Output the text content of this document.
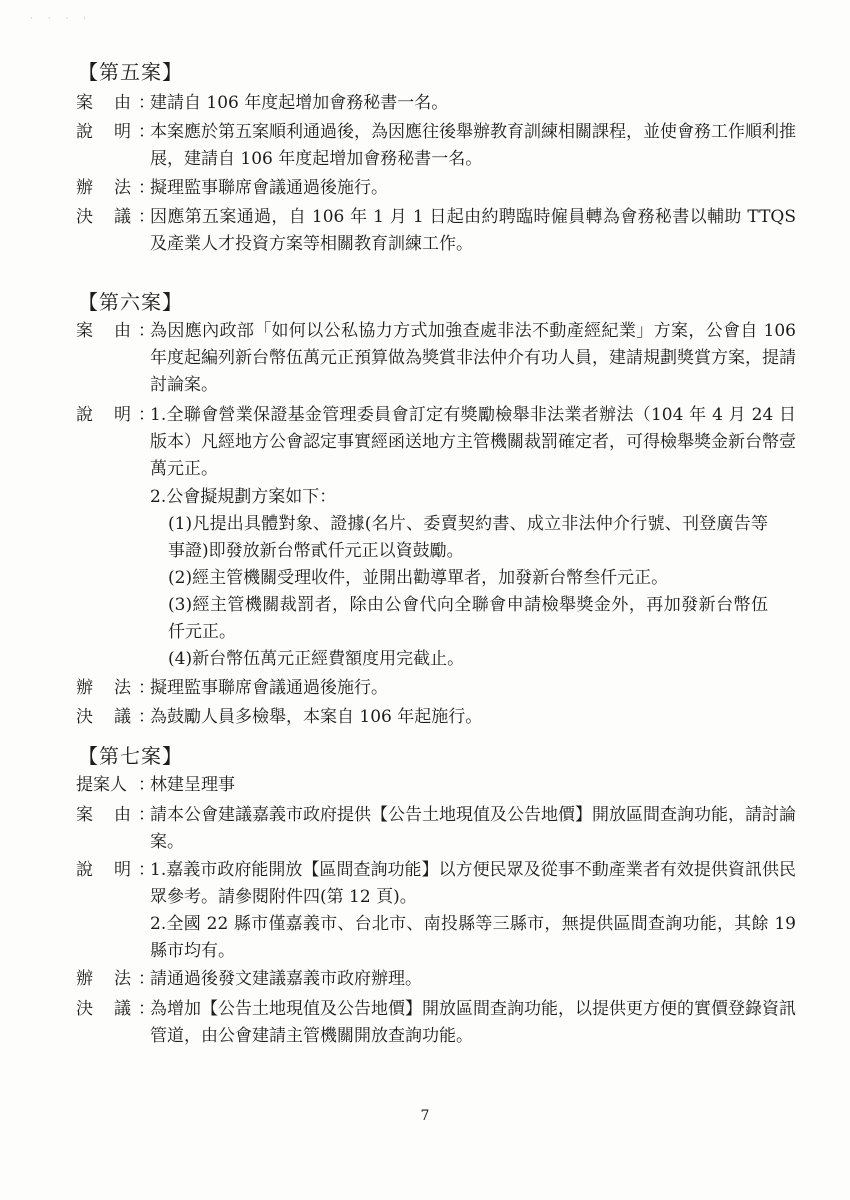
· · · ·
【第五案】
案 由 ：
建請自 106 年度起增加會務秘書一名。
說 明 ：
本案應於第五案順利通過後，為因應往後舉辦教育訓練相關課程，並使會務工作順利推展，建請自 106 年度起增加會務秘書一名。
辦 法 ：
擬理監事聯席會議通過後施行。
決 議 ：
因應第五案通過，自 106 年 1 月 1 日起由約聘臨時僱員轉為會務秘書以輔助 TTQS 及產業人才投資方案等相關教育訓練工作。
【第六案】
案 由 ：
為因應內政部「如何以公私協力方式加強查處非法不動產經紀業」方案，公會自 106 年度起編列新台幣伍萬元正預算做為獎賞非法仲介有功人員，建請規劃獎賞方案，提請討論案。
說 明 ：
1.全聯會營業保證基金管理委員會訂定有獎勵檢舉非法業者辦法（104 年 4 月 24 日版本）凡經地方公會認定事實經函送地方主管機關裁罰確定者，可得檢舉獎金新台幣壹萬元正。
2.公會擬規劃方案如下：
(1)凡提出具體對象、證據(名片、委賣契約書、成立非法仲介行號、刊登廣告等事證)即發放新台幣貳仟元正以資鼓勵。
(2)經主管機關受理收件，並開出勸導單者，加發新台幣叁仟元正。
(3)經主管機關裁罰者，除由公會代向全聯會申請檢舉獎金外，再加發新台幣伍仟元正。
(4)新台幣伍萬元正經費額度用完截止。
辦 法 ：
擬理監事聯席會議通過後施行。
決 議 ：
為鼓勵人員多檢舉，本案自 106 年起施行。
【第七案】
提案人 ：
林建呈理事
案 由 ：
請本公會建議嘉義市政府提供【公告土地現值及公告地價】開放區間查詢功能，請討論案。
說 明 ：
1.嘉義市政府能開放【區間查詢功能】以方便民眾及從事不動產業者有效提供資訊供民眾參考。請參閱附件四(第 12 頁)。
2.全國 22 縣市僅嘉義市、台北市、南投縣等三縣市，無提供區間查詢功能，其餘 19 縣市均有。
辦 法 ：
請通過後發文建議嘉義市政府辦理。
決 議 ：
為增加【公告土地現值及公告地價】開放區間查詢功能，以提供更方便的實價登錄資訊管道，由公會建請主管機關開放查詢功能。
7
